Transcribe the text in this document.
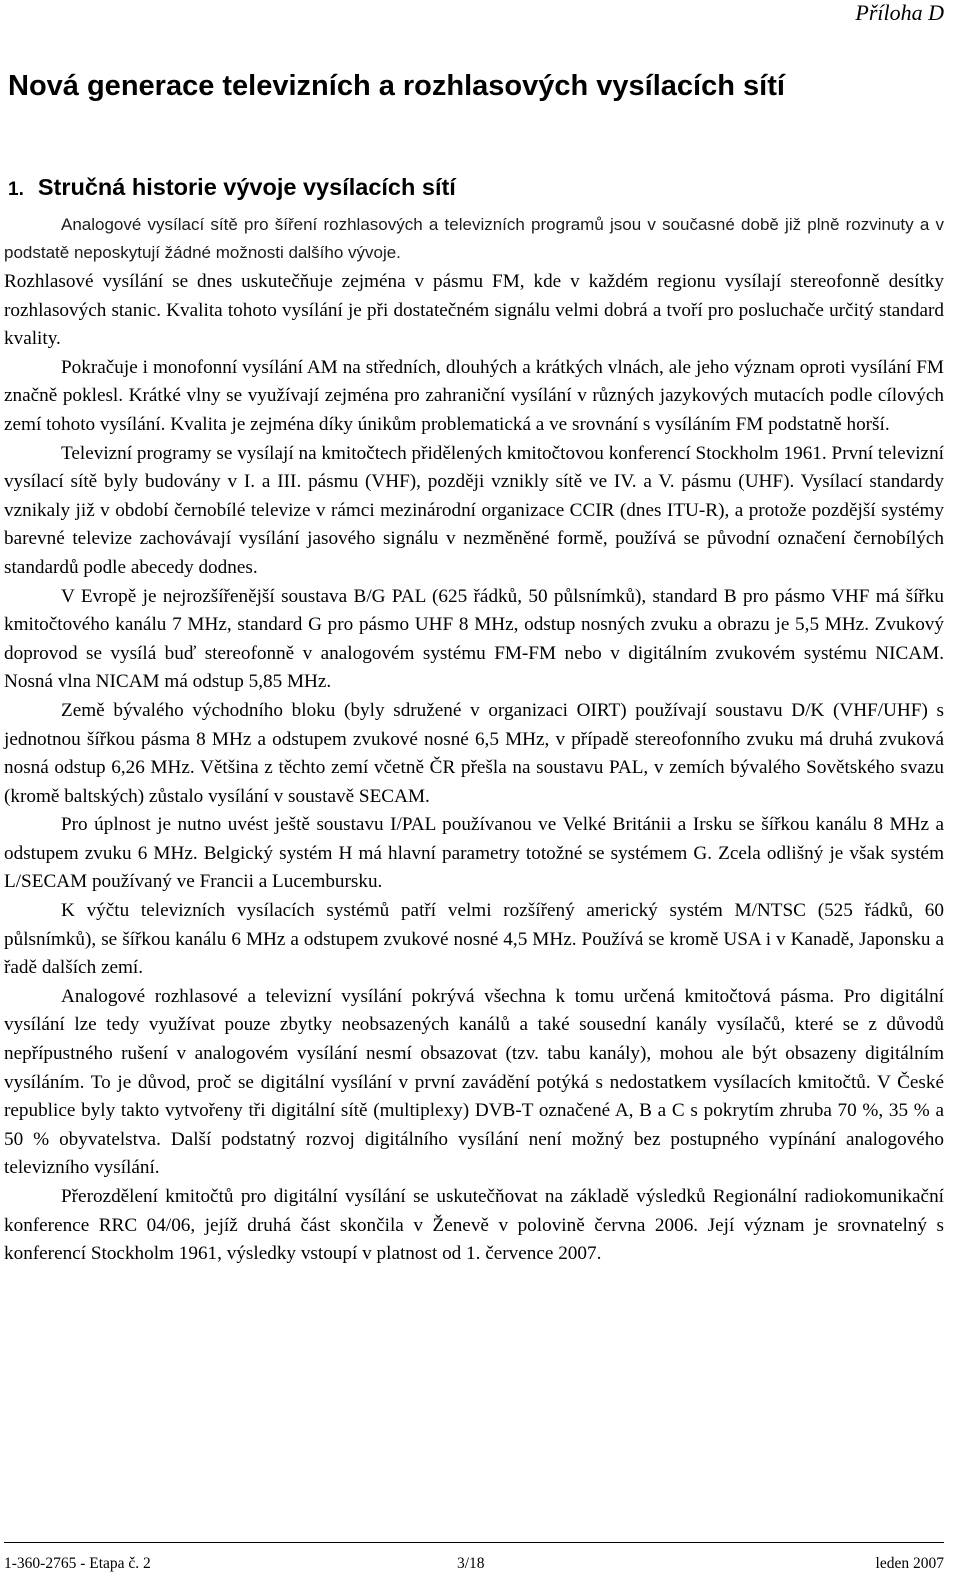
Příloha D
Nová generace televizních a rozhlasových vysílacích sítí
1. Stručná historie vývoje vysílacích sítí

Analogové vysílací sítě pro šíření rozhlasových a televizních programů jsou v současné době již plně rozvinuty a v podstatě neposkytují žádné možnosti dalšího vývoje.

Rozhlasové vysílání se dnes uskutečňuje zejména v pásmu FM, kde v každém regionu vysílají stereofonně desítky rozhlasových stanic. Kvalita tohoto vysílání je při dostatečném signálu velmi dobrá a tvoří pro posluchače určitý standard kvality.

Pokračuje i monofonní vysílání AM na středních, dlouhých a krátkých vlnách, ale jeho význam oproti vysílání FM značně poklesl. Krátké vlny se využívají zejména pro zahraniční vysílání v různých jazykových mutacích podle cílových zemí tohoto vysílání. Kvalita je zejména díky únikům problematická a ve srovnání s vysíláním FM podstatně horší.

Televizní programy se vysílají na kmitočtech přidělených kmitočtovou konferencí Stockholm 1961. První televizní vysílací sítě byly budovány v I. a III. pásmu (VHF), později vznikly sítě ve IV. a V. pásmu (UHF). Vysílací standardy vznikaly již v období černobílé televize v rámci mezinárodní organizace CCIR (dnes ITU-R), a protože pozdější systémy barevné televize zachovávají vysílání jasového signálu v nezměněné formě, používá se původní označení černobílých standardů podle abecedy dodnes.

V Evropě je nejrozšířenější soustava B/G PAL (625 řádků, 50 půlsnímků), standard B pro pásmo VHF má šířku kmitočtového kanálu 7 MHz, standard G pro pásmo UHF 8 MHz, odstup nosných zvuku a obrazu je 5,5 MHz. Zvukový doprovod se vysílá buď stereofonně v analogovém systému FM-FM nebo v digitálním zvukovém systému NICAM. Nosná vlna NICAM má odstup 5,85 MHz.

Země bývalého východního bloku (byly sdružené v organizaci OIRT) používají soustavu D/K (VHF/UHF) s jednotnou šířkou pásma 8 MHz a odstupem zvukové nosné 6,5 MHz, v případě stereofonního zvuku má druhá zvuková nosná odstup 6,26 MHz. Většina z těchto zemí včetně ČR přešla na soustavu PAL, v zemích bývalého Sovětského svazu (kromě baltských) zůstalo vysílání v soustavě SECAM.

Pro úplnost je nutno uvést ještě soustavu I/PAL používanou ve Velké Británii a Irsku se šířkou kanálu 8 MHz a odstupem zvuku 6 MHz. Belgický systém H má hlavní parametry totožné se systémem G. Zcela odlišný je však systém L/SECAM používaný ve Francii a Lucembursku.

K výčtu televizních vysílacích systémů patří velmi rozšířený americký systém M/NTSC (525 řádků, 60 půlsnímků), se šířkou kanálu 6 MHz a odstupem zvukové nosné 4,5 MHz. Používá se kromě USA i v Kanadě, Japonsku a řadě dalších zemí.

Analogové rozhlasové a televizní vysílání pokrývá všechna k tomu určená kmitočtová pásma. Pro digitální vysílání lze tedy využívat pouze zbytky neobsazených kanálů a také sousední kanály vysílačů, které se z důvodů nepřípustného rušení v analogovém vysílání nesmí obsazovat (tzv. tabu kanály), mohou ale být obsazeny digitálním vysíláním. To je důvod, proč se digitální vysílání v první zavádění potýká s nedostatkem vysílacích kmitočtů. V České republice byly takto vytvořeny tři digitální sítě (multiplexy) DVB-T označené A, B a C s pokrytím zhruba 70 %, 35 % a 50 % obyvatelstva. Další podstatný rozvoj digitálního vysílání není možný bez postupného vypínání analogového televizního vysílání.

Přerozdělení kmitočtů pro digitální vysílání se uskutečňovat na základě výsledků Regionální radiokomunikační konference RRC 04/06, jejíž druhá část skončila v Ženevě v polovině června 2006. Její význam je srovnatelný s konferencí Stockholm 1961, výsledky vstoupí v platnost od 1. července 2007.

1-360-2765 - Etapa č. 2	3/18	leden 2007
